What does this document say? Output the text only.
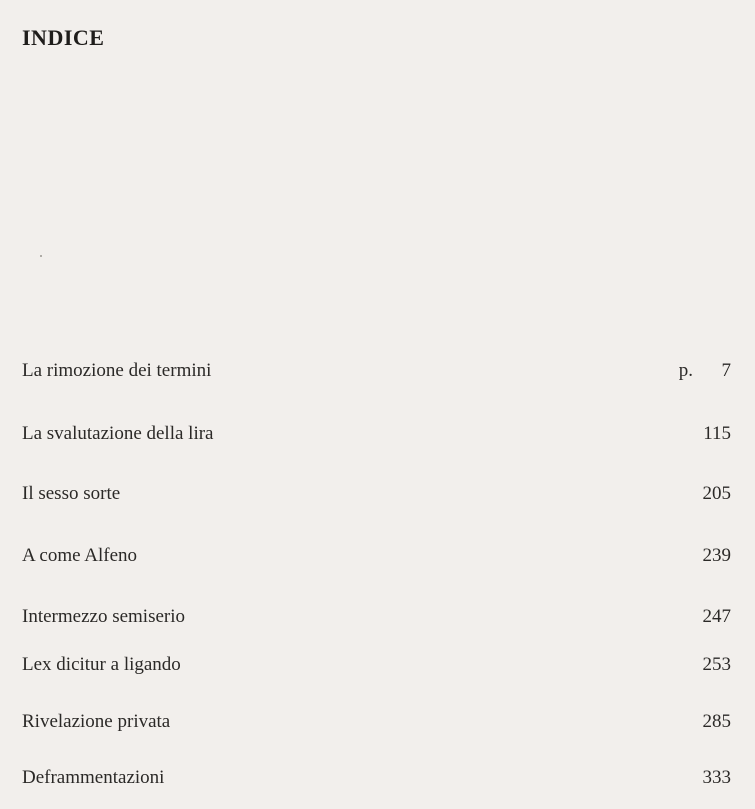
INDICE
La rimozione dei termini	p.      7
La svalutazione della lira	115
Il sesso sorte	205
A come Alfeno	239
Intermezzo semiserio	247
Lex dicitur a ligando	253
Rivelazione privata	285
Deframmentazioni	333
